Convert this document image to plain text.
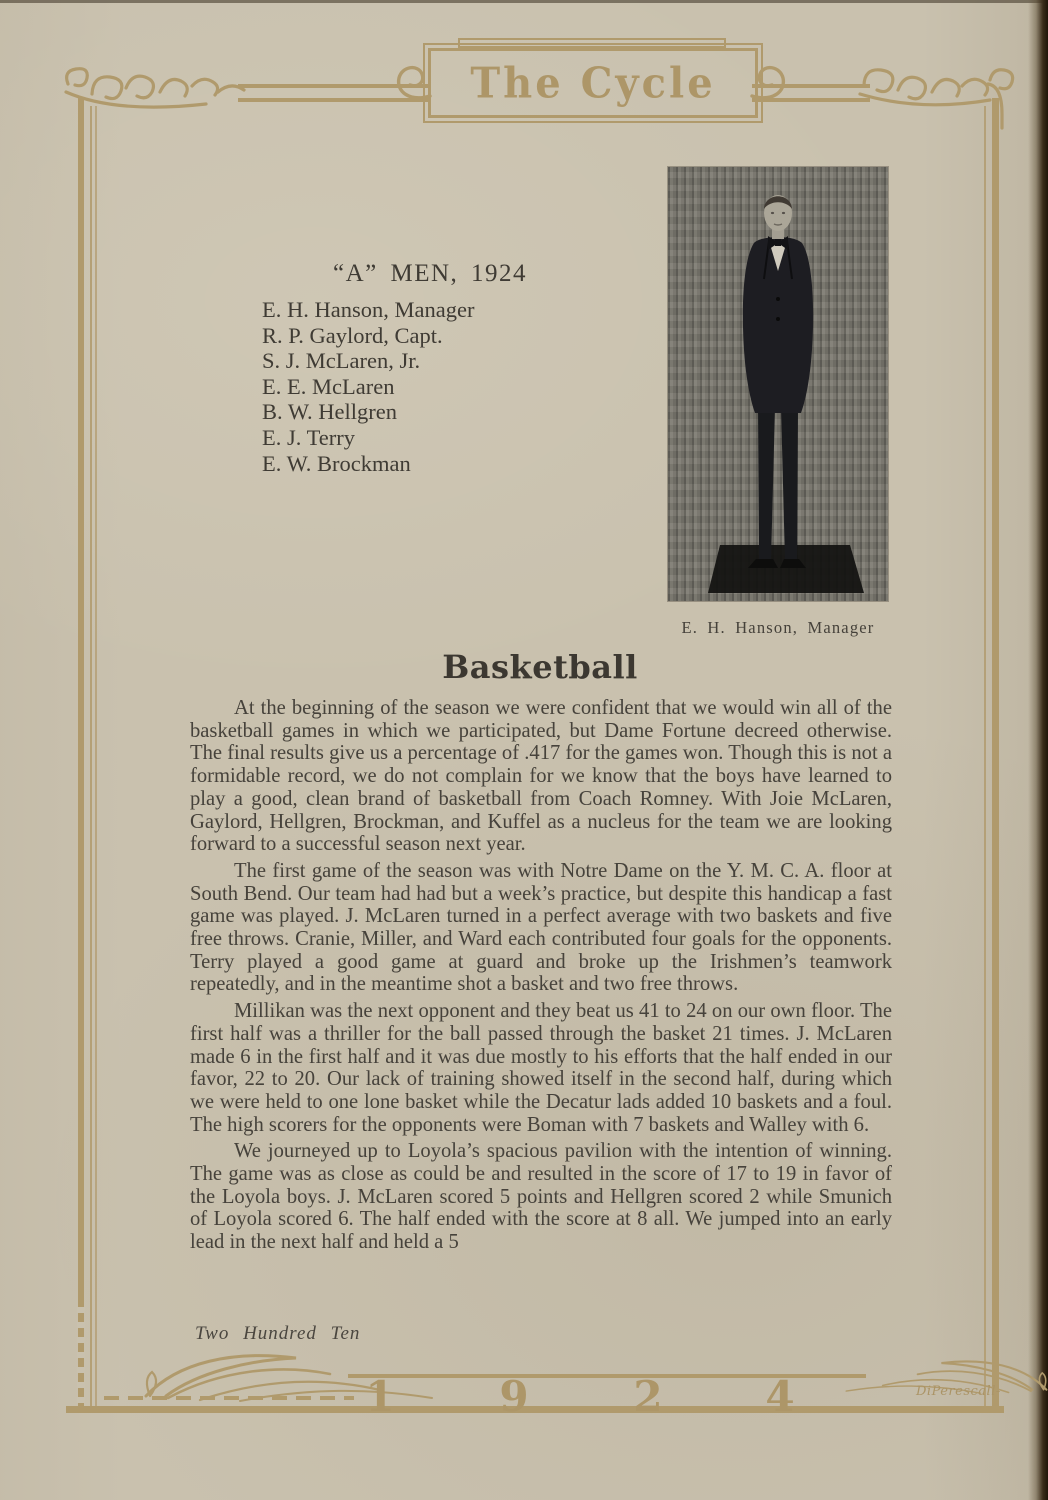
The Cycle
“A” MEN, 1924
E. H. Hanson, Manager
R. P. Gaylord, Capt.
S. J. McLaren, Jr.
E. E. McLaren
B. W. Hellgren
E. J. Terry
E. W. Brockman
E. H. Hanson, Manager
Basketball

At the beginning of the season we were confident that we would win all of the basketball games in which we participated, but Dame Fortune decreed otherwise. The final results give us a percentage of .417 for the games won. Though this is not a formidable record, we do not complain for we know that the boys have learned to play a good, clean brand of basketball from Coach Romney. With Joie McLaren, Gaylord, Hellgren, Brockman, and Kuffel as a nucleus for the team we are looking forward to a successful season next year.

The first game of the season was with Notre Dame on the Y. M. C. A. floor at South Bend. Our team had had but a week’s practice, but despite this handicap a fast game was played. J. McLaren turned in a perfect average with two baskets and five free throws. Cranie, Miller, and Ward each contributed four goals for the opponents. Terry played a good game at guard and broke up the Irishmen’s teamwork repeatedly, and in the meantime shot a basket and two free throws.

Millikan was the next opponent and they beat us 41 to 24 on our own floor. The first half was a thriller for the ball passed through the basket 21 times. J. McLaren made 6 in the first half and it was due mostly to his efforts that the half ended in our favor, 22 to 20. Our lack of training showed itself in the second half, during which we were held to one lone basket while the Decatur lads added 10 baskets and a foul. The high scorers for the opponents were Boman with 7 baskets and Walley with 6.

We journeyed up to Loyola’s spacious pavilion with the intention of winning. The game was as close as could be and resulted in the score of 17 to 19 in favor of the Loyola boys. J. McLaren scored 5 points and Hellgren scored 2 while Smunich of Loyola scored 6. The half ended with the score at 8 all. We jumped into an early lead in the next half and held a 5

Two Hundred Ten
1 9 2 4	DiPerescall-
